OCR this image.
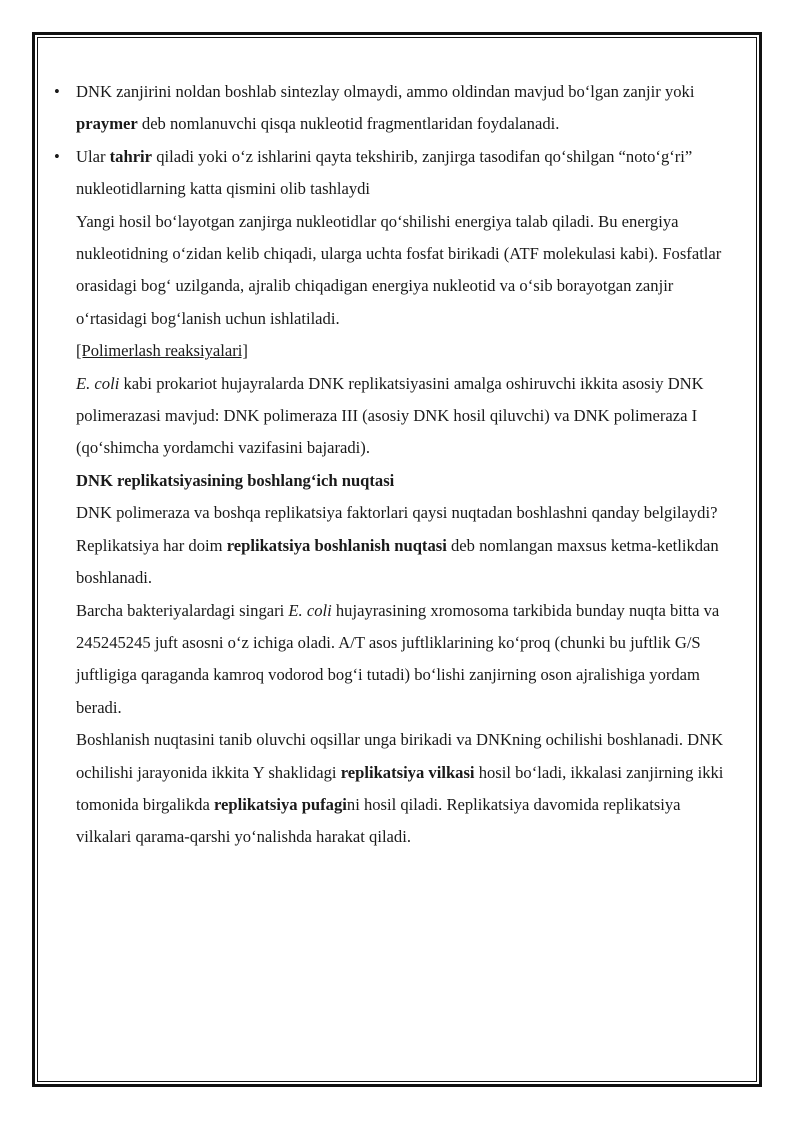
• DNK zanjirini noldan boshlab sintezlay olmaydi, ammo oldindan mavjud bo‘lgan zanjir yoki praymer deb nomlanuvchi qisqa nukleotid fragmentlaridan foydalanadi.

• Ular tahrir qiladi yoki o‘z ishlarini qayta tekshirib, zanjirga tasodifan qo‘shilgan “noto‘g‘ri” nukleotidlarning katta qismini olib tashlaydi

Yangi hosil bo‘layotgan zanjirga nukleotidlar qo‘shilishi energiya talab qiladi. Bu energiya nukleotidning o‘zidan kelib chiqadi, ularga uchta fosfat birikadi (ATF molekulasi kabi). Fosfatlar orasidagi bog‘ uzilganda, ajralib chiqadigan energiya nukleotid va o‘sib borayotgan zanjir o‘rtasidagi bog‘lanish uchun ishlatiladi.

[Polimerlash reaksiyalari]

E. coli kabi prokariot hujayralarda DNK replikatsiyasini amalga oshiruvchi ikkita asosiy DNK polimerazasi mavjud: DNK polimeraza III (asosiy DNK hosil qiluvchi) va DNK polimeraza I (qo‘shimcha yordamchi vazifasini bajaradi).

DNK replikatsiyasining boshlang‘ich nuqtasi

DNK polimeraza va boshqa replikatsiya faktorlari qaysi nuqtadan boshlashni qanday belgilaydi? Replikatsiya har doim replikatsiya boshlanish nuqtasi deb nomlangan maxsus ketma-ketlikdan boshlanadi.

Barcha bakteriyalardagi singari E. coli hujayrasining xromosoma tarkibida bunday nuqta bitta va 245245245 juft asosni o‘z ichiga oladi. A/T asos juftliklarining ko‘proq (chunki bu juftlik G/S juftligiga qaraganda kamroq vodorod bog‘i tutadi) bo‘lishi zanjirning oson ajralishiga yordam beradi.

Boshlanish nuqtasini tanib oluvchi oqsillar unga birikadi va DNKning ochilishi boshlanadi. DNK ochilishi jarayonida ikkita Y shaklidagi replikatsiya vilkasi hosil bo‘ladi, ikkalasi zanjirning ikki tomonida birgalikda replikatsiya pufagini hosil qiladi. Replikatsiya davomida replikatsiya vilkalari qarama-qarshi yo‘nalishda harakat qiladi.
